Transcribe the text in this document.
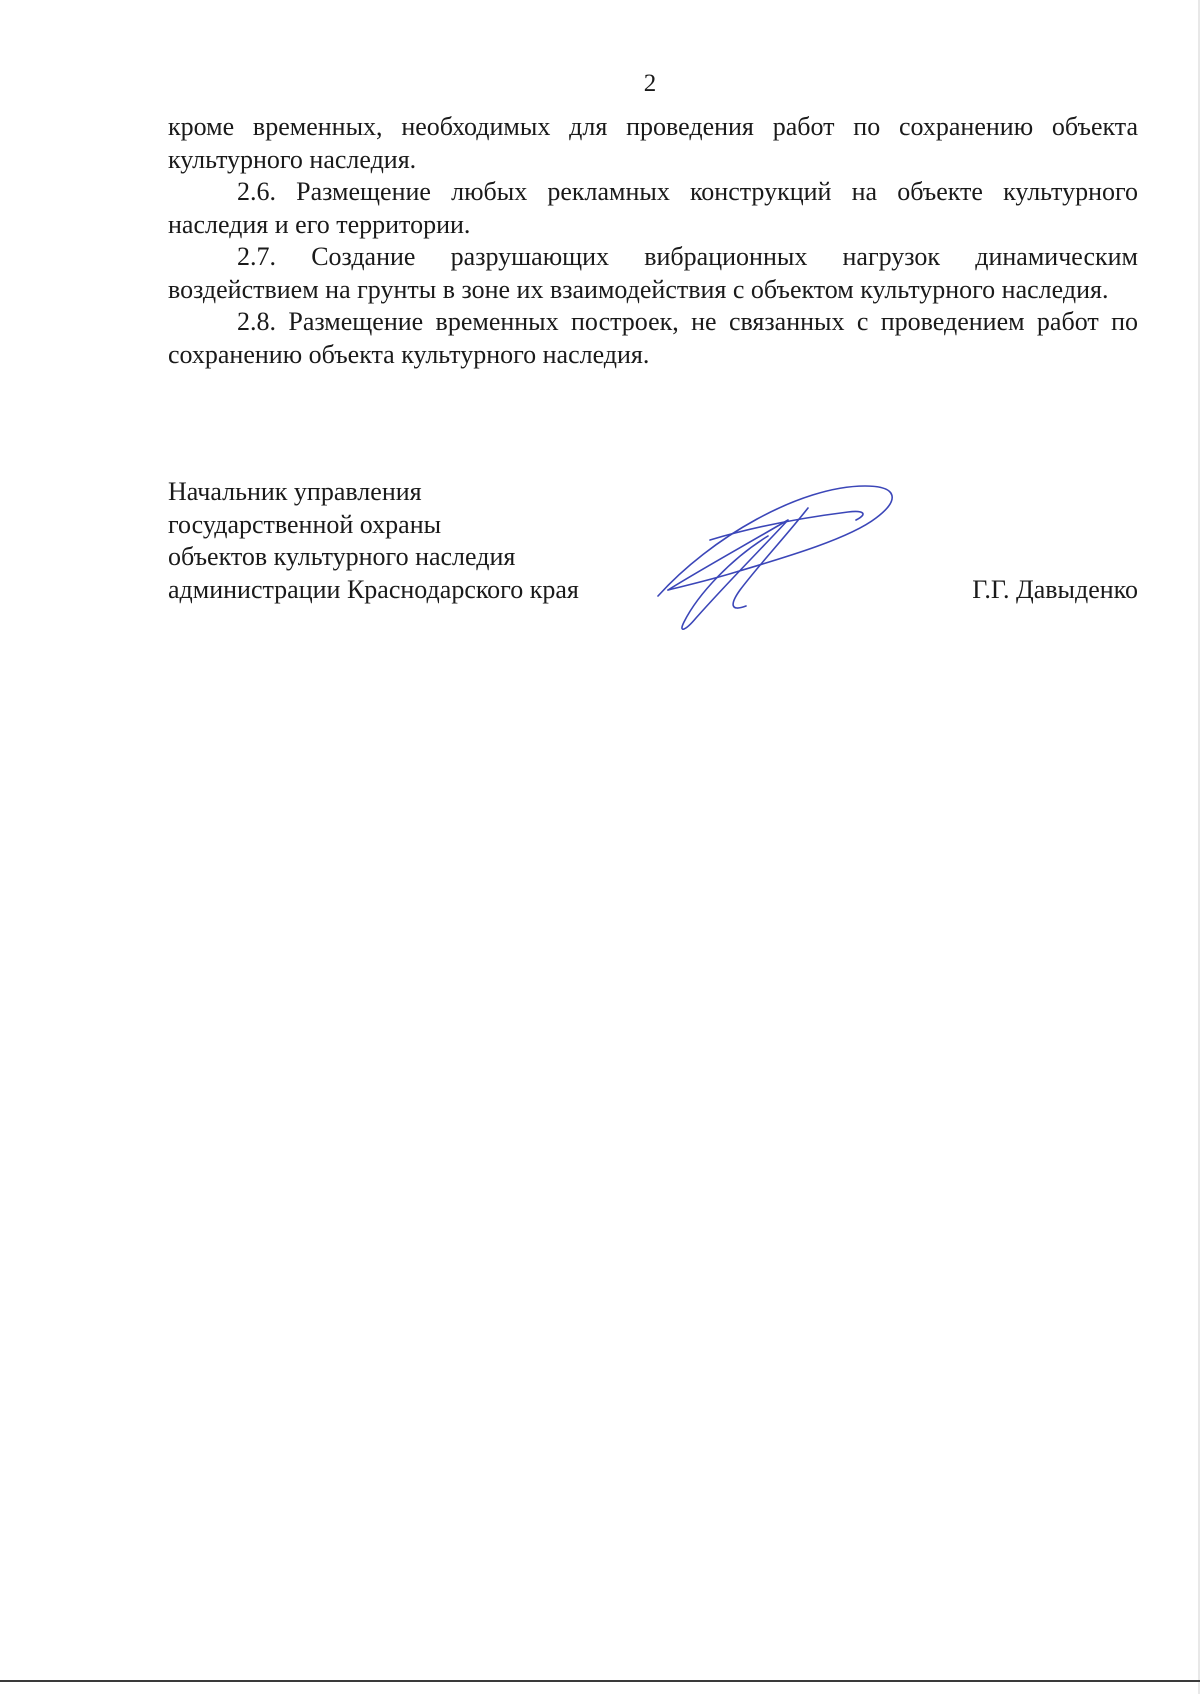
2

кроме временных, необходимых для проведения работ по сохранению объекта культурного наследия.

2.6. Размещение любых рекламных конструкций на объекте культурного наследия и его территории.

2.7. Создание разрушающих вибрационных нагрузок динамическим воздействием на грунты в зоне их взаимодействия с объектом культурного наследия.

2.8. Размещение временных построек, не связанных с проведением работ по сохранению объекта культурного наследия.

Начальник управления
государственной охраны
объектов культурного наследия
администрации Краснодарского края	Г.Г. Давыденко
